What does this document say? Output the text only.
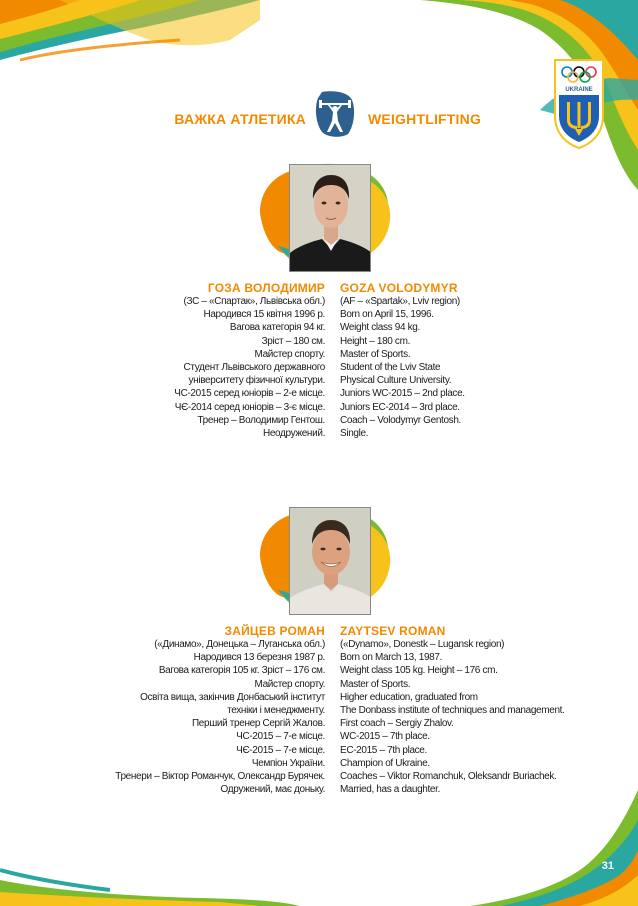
ВАЖКА АТЛЕТИКА	WEIGHTLIFTING
UKRAINE
ГОЗА ВОЛОДИМИР GOZA VOLODYMYR
(ЗС – «Спартак», Львівська обл.)
Народився 15 квітня 1996 р.
Вагова категорія 94 кг.
Зріст – 180 см.
Майстер спорту.
Студент Львівського державного
університету фізичної культури.
ЧС-2015 серед юніорів – 2-е місце.
ЧЄ-2014 серед юніорів – 3-є місце.
Тренер – Володимир Гентош.
Неодружений.
(AF – «Spartak», Lviv region)
Born on April 15, 1996.
Weight class 94 kg.
Height – 180 cm.
Master of Sports.
Student of the Lviv State
Physical Culture University.
Juniors WC-2015 – 2nd place.
Juniors EC-2014 – 3rd place.
Coach – Volodymyr Gentosh.
Single.
ЗАЙЦЕВ РОМАН ZAYTSEV ROMAN
(«Динамо», Донецька – Луганська обл.)
Народився 13 березня 1987 р.
Вагова категорія 105 кг. Зріст – 176 см.
Майстер спорту.
Освіта вища, закінчив Донбаський інститут
техніки і менеджменту.
Перший тренер Сергій Жалов.
ЧС-2015 – 7-е місце.
ЧЄ-2015 – 7-е місце.
Чемпіон України.
Тренери – Віктор Романчук, Олександр Бурячек.
Одружений, має доньку.
(«Dynamo», Donestk – Lugansk region)
Born on March 13, 1987.
Weight class 105 kg. Height – 176 cm.
Master of Sports.
Higher education, graduated from
The Donbass institute of techniques and management.
First coach – Sergiy Zhalov.
WC-2015 – 7th place.
EC-2015 – 7th place.
Champion of Ukraine.
Coaches – Viktor Romanchuk, Oleksandr Buriachek.
Married, has a daughter.
31
